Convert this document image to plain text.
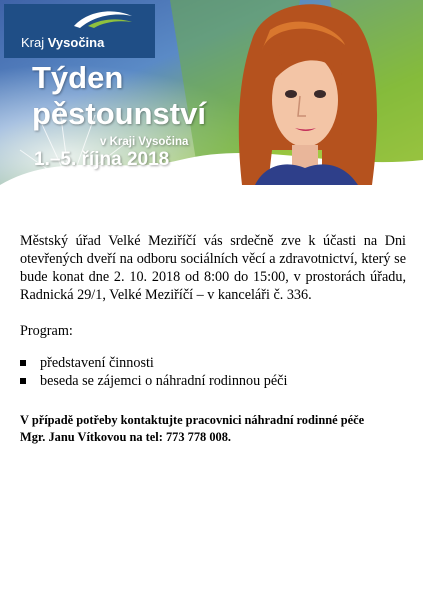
Kraj Vysočina
Týden
pěstounství
v Kraji Vysočina
1.–5. října 2018

Městský úřad Velké Meziříčí vás srdečně zve k účasti na Dni otevřených dveří na odboru sociálních věcí a zdravotnictví, který se bude konat dne 2. 10. 2018 od 8:00 do 15:00, v prostorách úřadu, Radnická 29/1, Velké Meziříčí – v kanceláři č. 336.

Program:
představení činnosti
beseda se zájemci o náhradní rodinnou péči
V případě potřeby kontaktujte pracovnici náhradní rodinné péče
Mgr. Janu Vítkovou na tel: 773 778 008.
